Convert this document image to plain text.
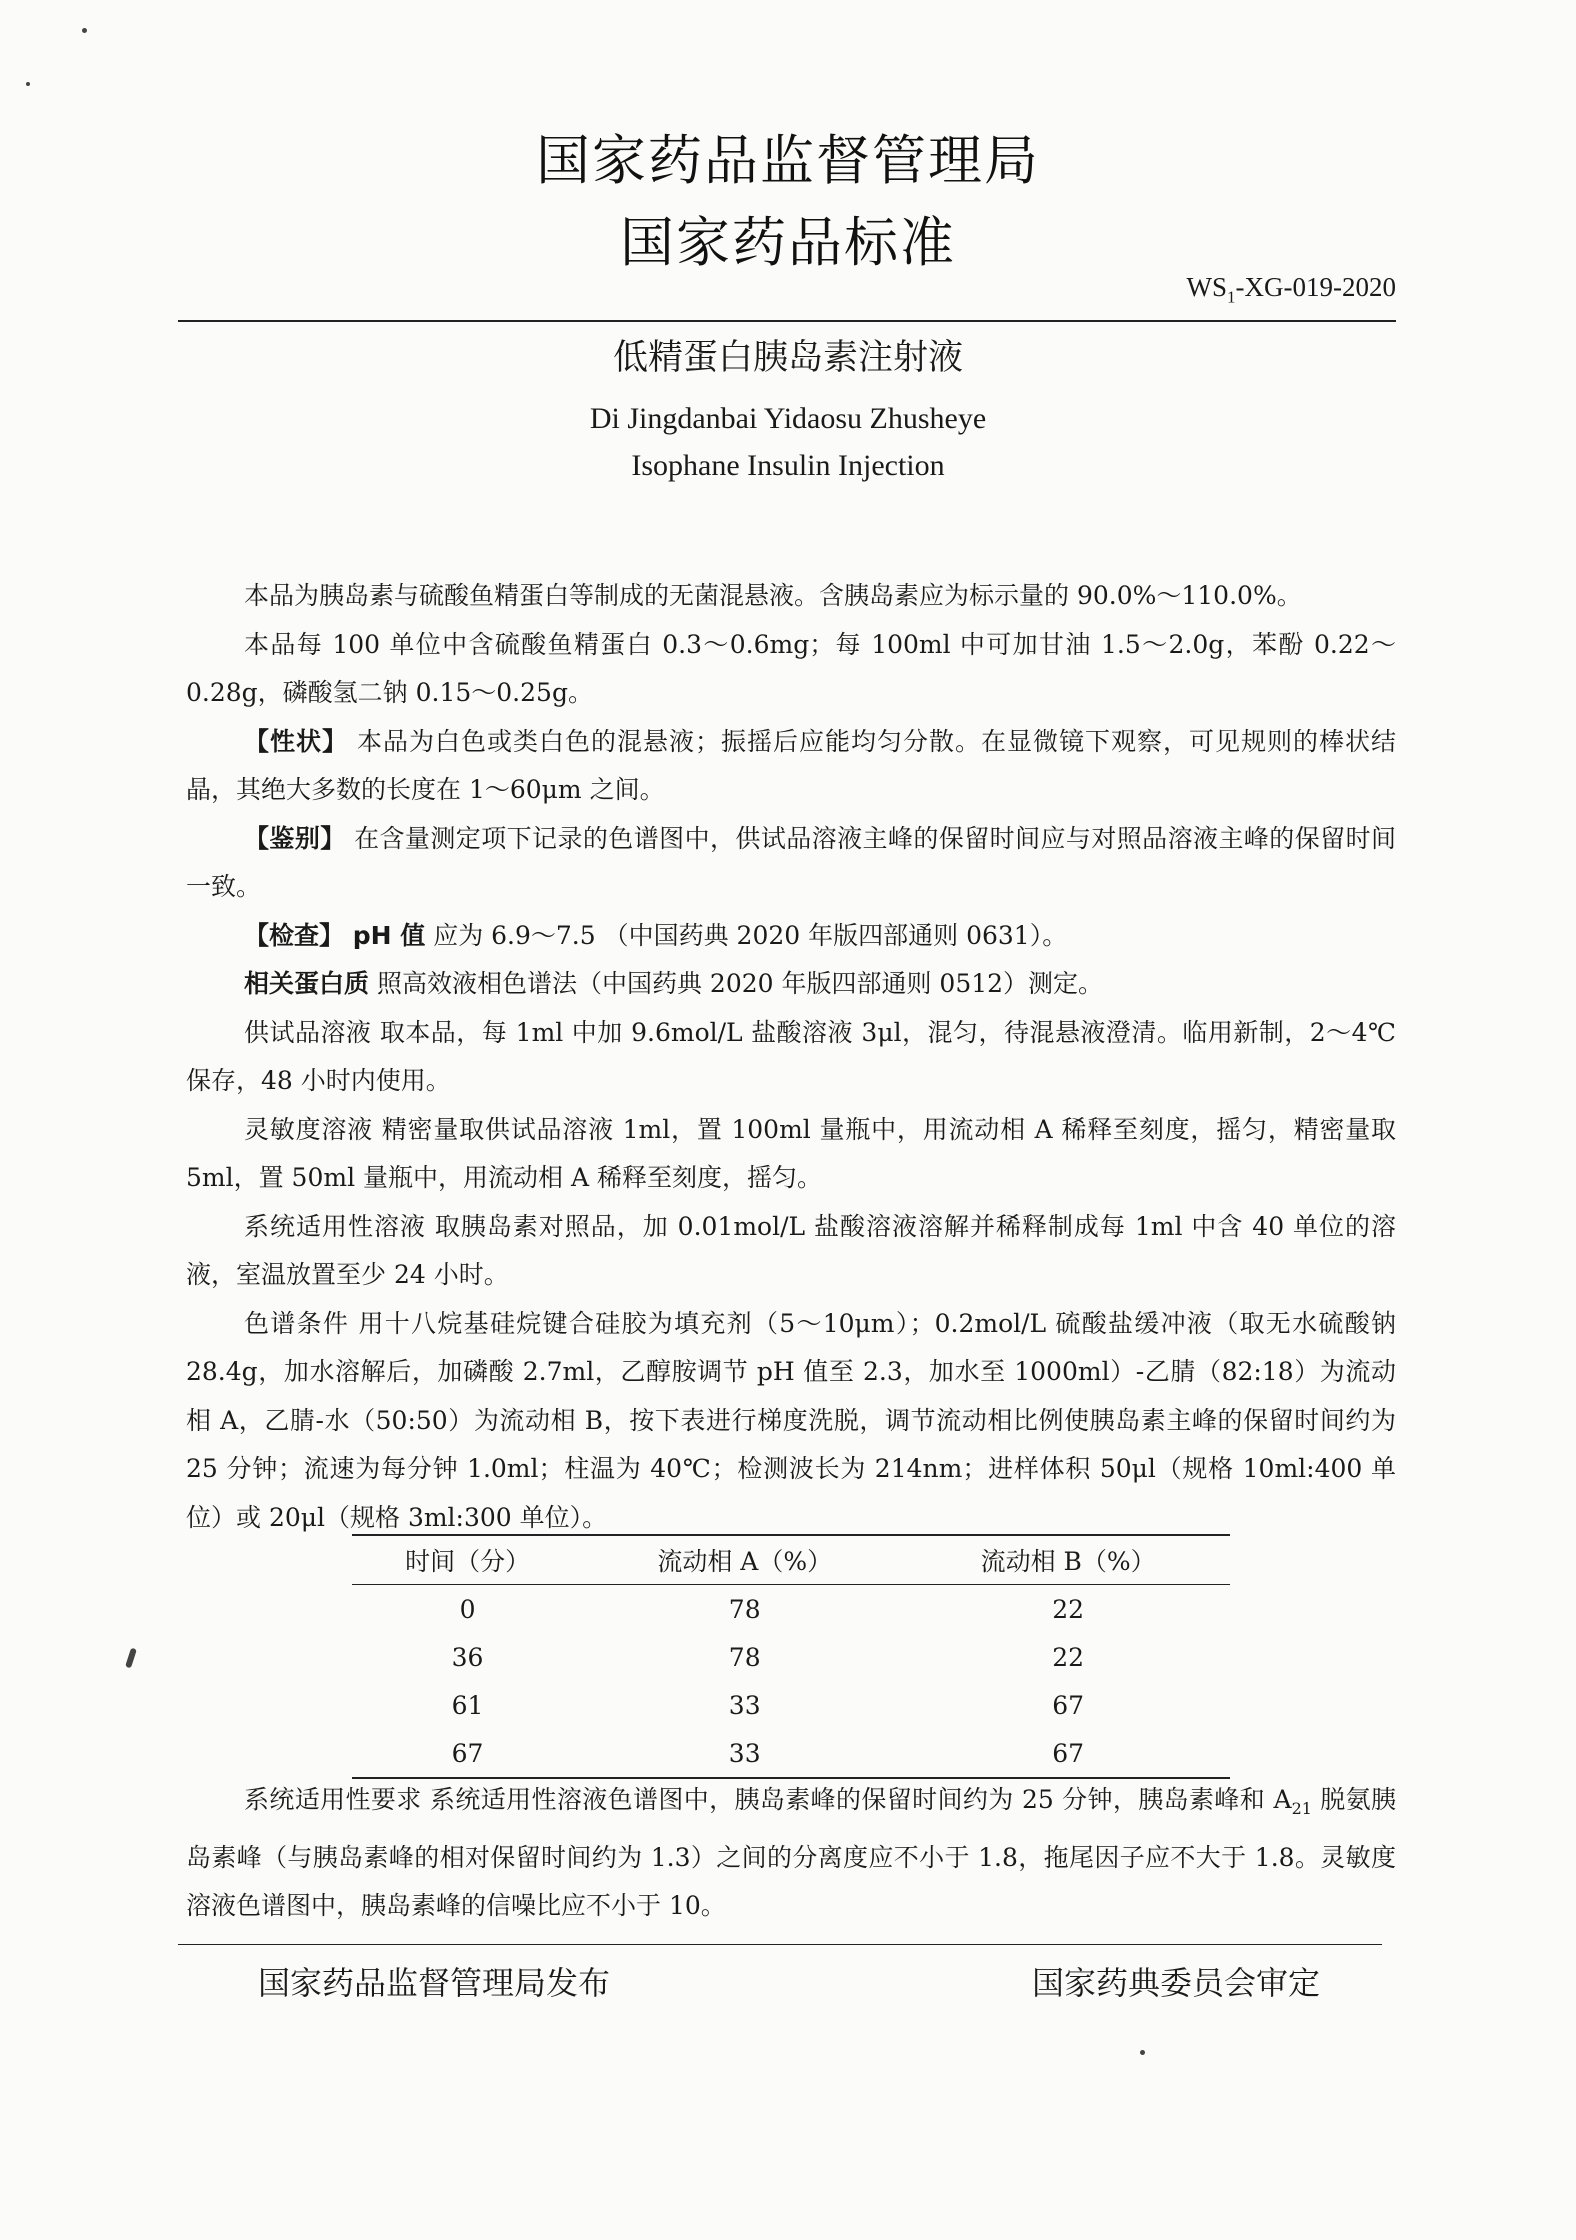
国家药品监督管理局
国家药品标准
$WS_1-XG-019-2020$
低精蛋白胰岛素注射液
Di Jingdanbai Yidaosu Zhusheye
Isophane Insulin Injection

本品为胰岛素与硫酸鱼精蛋白等制成的无菌混悬液。含胰岛素应为标示量的 90.0%～110.0%。

本品每 100 单位中含硫酸鱼精蛋白 0.3～0.6mg；每 100ml 中可加甘油 1.5～2.0g，苯酚 0.22～0.28g，磷酸氢二钠 0.15～0.25g。

【性状】 本品为白色或类白色的混悬液；振摇后应能均匀分散。在显微镜下观察，可见规则的棒状结晶，其绝大多数的长度在 1～60μm 之间。

【鉴别】 在含量测定项下记录的色谱图中，供试品溶液主峰的保留时间应与对照品溶液主峰的保留时间一致。

【检查】 pH 值 应为 6.9～7.5 （中国药典 2020 年版四部通则 0631）。

相关蛋白质 照高效液相色谱法（中国药典 2020 年版四部通则 0512）测定。

供试品溶液 取本品，每 1ml 中加 9.6mol/L 盐酸溶液 3μl，混匀，待混悬液澄清。临用新制，2～4℃保存，48 小时内使用。

灵敏度溶液 精密量取供试品溶液 1ml，置 100ml 量瓶中，用流动相 A 稀释至刻度，摇匀，精密量取 5ml，置 50ml 量瓶中，用流动相 A 稀释至刻度，摇匀。

系统适用性溶液 取胰岛素对照品，加 0.01mol/L 盐酸溶液溶解并稀释制成每 1ml 中含 40 单位的溶液，室温放置至少 24 小时。

色谱条件 用十八烷基硅烷键合硅胶为填充剂（5～10μm）；0.2mol/L 硫酸盐缓冲液（取无水硫酸钠 28.4g，加水溶解后，加磷酸 2.7ml，乙醇胺调节 pH 值至 2.3，加水至 1000ml）-乙腈（82:18）为流动相 A，乙腈-水（50:50）为流动相 B，按下表进行梯度洗脱，调节流动相比例使胰岛素主峰的保留时间约为 25 分钟；流速为每分钟 1.0ml；柱温为 40℃；检测波长为 214nm；进样体积 50μl（规格 10ml:400 单位）或 20μl（规格 3ml:300 单位）。

时间（分）	流动相 A（%）	流动相 B（%）
0	78	22
36	78	22
61	33	67
67	33	67

系统适用性要求 系统适用性溶液色谱图中，胰岛素峰的保留时间约为 25 分钟，胰岛素峰和 $A_{21}$ 脱氨胰岛素峰（与胰岛素峰的相对保留时间约为 1.3）之间的分离度应不小于 1.8，拖尾因子应不大于 1.8。灵敏度溶液色谱图中，胰岛素峰的信噪比应不小于 10。

国家药品监督管理局发布	国家药典委员会审定
